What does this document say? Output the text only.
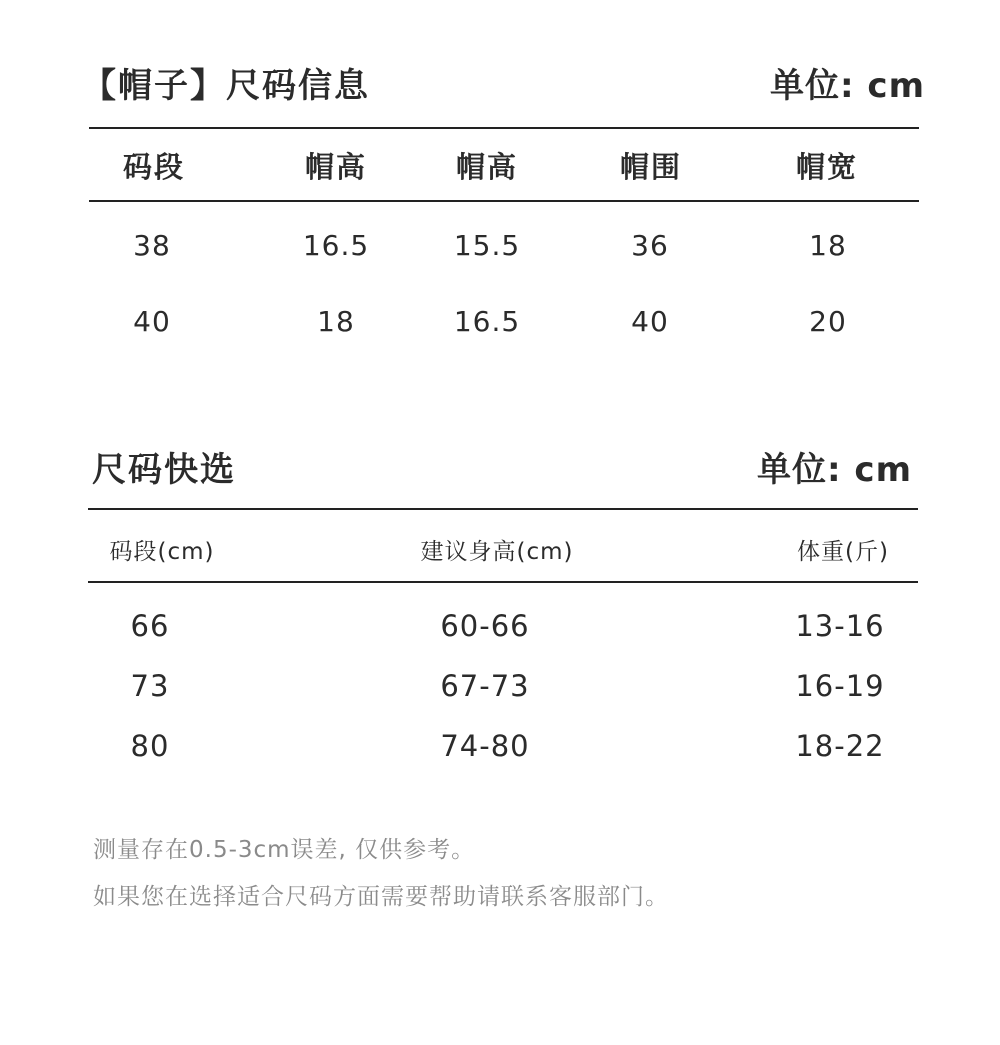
【帽子】尺码信息	单位: cm
码段	帽高	帽高	帽围	帽宽
38	16.5	15.5	36	18
40	18	16.5	40	20
尺码快选	单位: cm
码段(cm)	建议身高(cm)	体重(斤)
66	60-66	13-16
73	67-73	16-19
80	74-80	18-22
测量存在0.5-3cm误差, 仅供参考。
如果您在选择适合尺码方面需要帮助请联系客服部门。
